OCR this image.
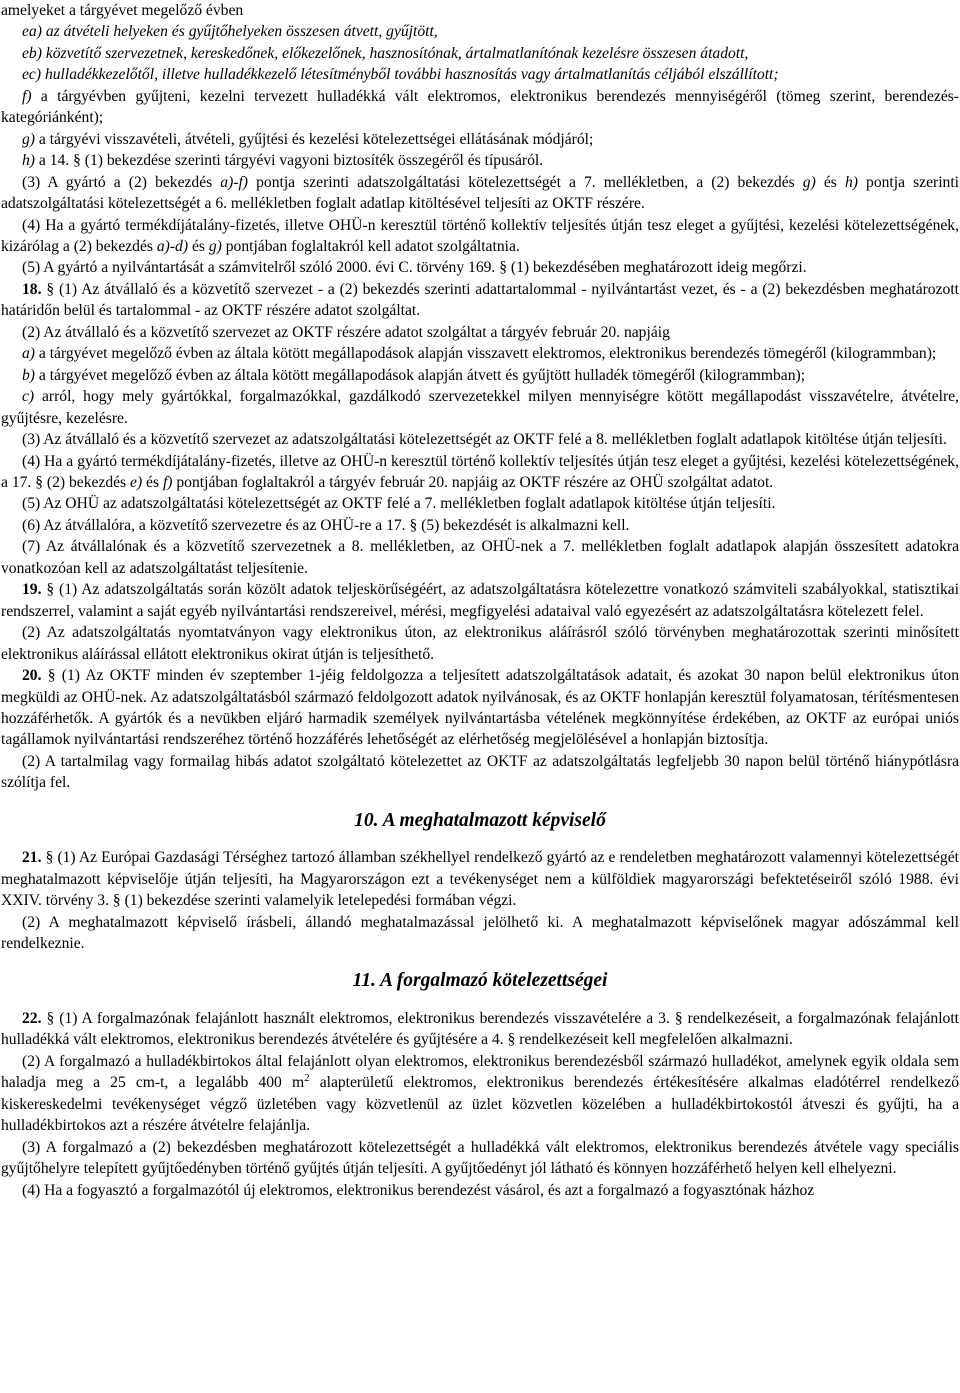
amelyeket a tárgyévet megelőző évben

ea) az átvételi helyeken és gyűjtőhelyeken összesen átvett, gyűjtött,

eb) közvetítő szervezetnek, kereskedőnek, előkezelőnek, hasznosítónak, ártalmatlanítónak kezelésre összesen átadott,

ec) hulladékkezelőtől, illetve hulladékkezelő létesítményből további hasznosítás vagy ártalmatlanítás céljából elszállított;

f) a tárgyévben gyűjteni, kezelni tervezett hulladékká vált elektromos, elektronikus berendezés mennyiségéről (tömeg szerint, berendezés-kategóriánként);

g) a tárgyévi visszavételi, átvételi, gyűjtési és kezelési kötelezettségei ellátásának módjáról;

h) a 14. § (1) bekezdése szerinti tárgyévi vagyoni biztosíték összegéről és típusáról.

(3) A gyártó a (2) bekezdés a)-f) pontja szerinti adatszolgáltatási kötelezettségét a 7. mellékletben, a (2) bekezdés g) és h) pontja szerinti adatszolgáltatási kötelezettségét a 6. mellékletben foglalt adatlap kitöltésével teljesíti az OKTF részére.

(4) Ha a gyártó termékdíjátalány-fizetés, illetve OHÜ-n keresztül történő kollektív teljesítés útján tesz eleget a gyűjtési, kezelési kötelezettségének, kizárólag a (2) bekezdés a)-d) és g) pontjában foglaltakról kell adatot szolgáltatnia.

(5) A gyártó a nyilvántartását a számvitelről szóló 2000. évi C. törvény 169. § (1) bekezdésében meghatározott ideig megőrzi.

18. § (1) Az átvállaló és a közvetítő szervezet - a (2) bekezdés szerinti adattartalommal - nyilvántartást vezet, és - a (2) bekezdésben meghatározott határidőn belül és tartalommal - az OKTF részére adatot szolgáltat.

(2) Az átvállaló és a közvetítő szervezet az OKTF részére adatot szolgáltat a tárgyév február 20. napjáig

a) a tárgyévet megelőző évben az általa kötött megállapodások alapján visszavett elektromos, elektronikus berendezés tömegéről (kilogrammban);

b) a tárgyévet megelőző évben az általa kötött megállapodások alapján átvett és gyűjtött hulladék tömegéről (kilogrammban);

c) arról, hogy mely gyártókkal, forgalmazókkal, gazdálkodó szervezetekkel milyen mennyiségre kötött megállapodást visszavételre, átvételre, gyűjtésre, kezelésre.

(3) Az átvállaló és a közvetítő szervezet az adatszolgáltatási kötelezettségét az OKTF felé a 8. mellékletben foglalt adatlapok kitöltése útján teljesíti.

(4) Ha a gyártó termékdíjátalány-fizetés, illetve az OHÜ-n keresztül történő kollektív teljesítés útján tesz eleget a gyűjtési, kezelési kötelezettségének, a 17. § (2) bekezdés e) és f) pontjában foglaltakról a tárgyév február 20. napjáig az OKTF részére az OHÜ szolgáltat adatot.

(5) Az OHÜ az adatszolgáltatási kötelezettségét az OKTF felé a 7. mellékletben foglalt adatlapok kitöltése útján teljesíti.

(6) Az átvállalóra, a közvetítő szervezetre és az OHÜ-re a 17. § (5) bekezdését is alkalmazni kell.

(7) Az átvállalónak és a közvetítő szervezetnek a 8. mellékletben, az OHÜ-nek a 7. mellékletben foglalt adatlapok alapján összesített adatokra vonatkozóan kell az adatszolgáltatást teljesítenie.

19. § (1) Az adatszolgáltatás során közölt adatok teljeskörűségéért, az adatszolgáltatásra kötelezettre vonatkozó számviteli szabályokkal, statisztikai rendszerrel, valamint a saját egyéb nyilvántartási rendszereivel, mérési, megfigyelési adataival való egyezésért az adatszolgáltatásra kötelezett felel.

(2) Az adatszolgáltatás nyomtatványon vagy elektronikus úton, az elektronikus aláírásról szóló törvényben meghatározottak szerinti minősített elektronikus aláírással ellátott elektronikus okirat útján is teljesíthető.

20. § (1) Az OKTF minden év szeptember 1-jéig feldolgozza a teljesített adatszolgáltatások adatait, és azokat 30 napon belül elektronikus úton megküldi az OHÜ-nek. Az adatszolgáltatásból származó feldolgozott adatok nyilvánosak, és az OKTF honlapján keresztül folyamatosan, térítésmentesen hozzáférhetők. A gyártók és a nevükben eljáró harmadik személyek nyilvántartásba vételének megkönnyítése érdekében, az OKTF az európai uniós tagállamok nyilvántartási rendszeréhez történő hozzáférés lehetőségét az elérhetőség megjelölésével a honlapján biztosítja.

(2) A tartalmilag vagy formailag hibás adatot szolgáltató kötelezettet az OKTF az adatszolgáltatás legfeljebb 30 napon belül történő hiánypótlásra szólítja fel.

10. A meghatalmazott képviselő

21. § (1) Az Európai Gazdasági Térséghez tartozó államban székhellyel rendelkező gyártó az e rendeletben meghatározott valamennyi kötelezettségét meghatalmazott képviselője útján teljesíti, ha Magyarországon ezt a tevékenységet nem a külföldiek magyarországi befektetéseiről szóló 1988. évi XXIV. törvény 3. § (1) bekezdése szerinti valamelyik letelepedési formában végzi.

(2) A meghatalmazott képviselő írásbeli, állandó meghatalmazással jelölhető ki. A meghatalmazott képviselőnek magyar adószámmal kell rendelkeznie.

11. A forgalmazó kötelezettségei

22. § (1) A forgalmazónak felajánlott használt elektromos, elektronikus berendezés visszavételére a 3. § rendelkezéseit, a forgalmazónak felajánlott hulladékká vált elektromos, elektronikus berendezés átvételére és gyűjtésére a 4. § rendelkezéseit kell megfelelően alkalmazni.

(2) A forgalmazó a hulladékbirtokos által felajánlott olyan elektromos, elektronikus berendezésből származó hulladékot, amelynek egyik oldala sem haladja meg a 25 cm-t, a legalább 400 $m^2$ alapterületű elektromos, elektronikus berendezés értékesítésére alkalmas eladótérrel rendelkező kiskereskedelmi tevékenységet végző üzletében vagy közvetlenül az üzlet közvetlen közelében a hulladékbirtokostól átveszi és gyűjti, ha a hulladékbirtokos azt a részére átvételre felajánlja.

(3) A forgalmazó a (2) bekezdésben meghatározott kötelezettségét a hulladékká vált elektromos, elektronikus berendezés átvétele vagy speciális gyűjtőhelyre telepített gyűjtőedényben történő gyűjtés útján teljesíti. A gyűjtőedényt jól látható és könnyen hozzáférhető helyen kell elhelyezni.

(4) Ha a fogyasztó a forgalmazótól új elektromos, elektronikus berendezést vásárol, és azt a forgalmazó a fogyasztónak házhoz
